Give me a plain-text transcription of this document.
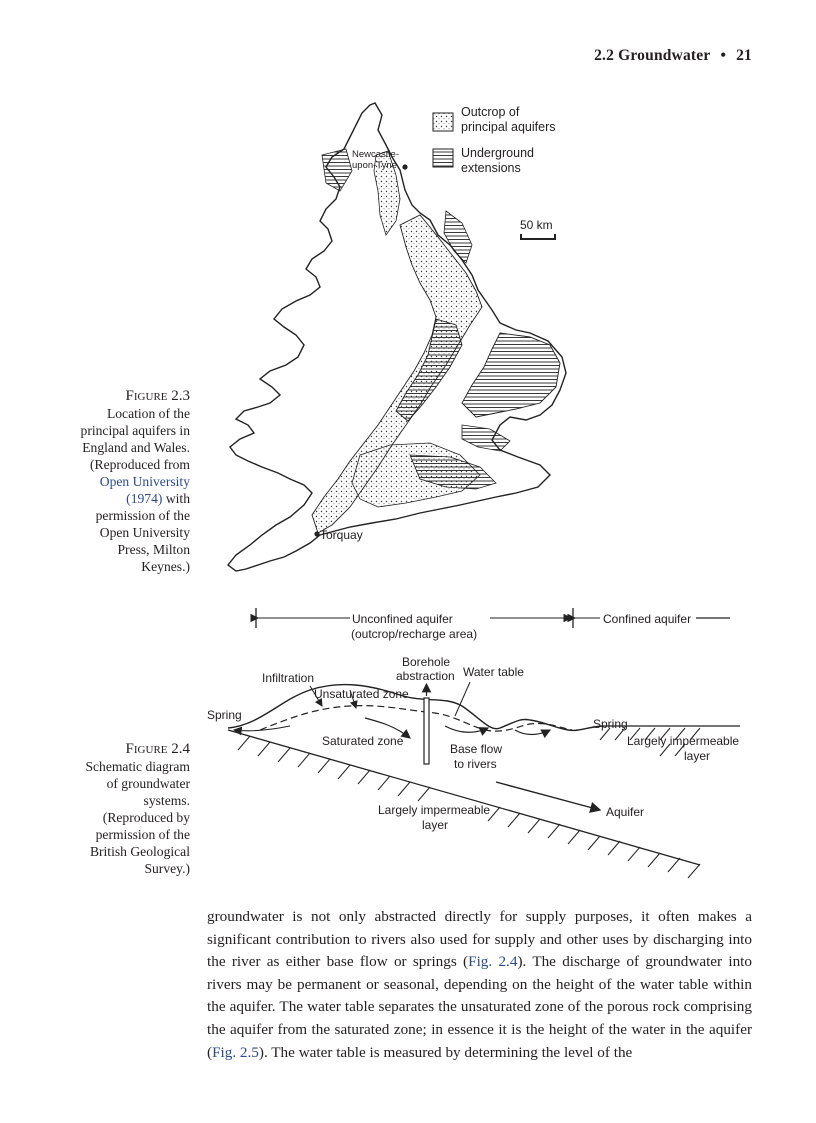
2.2 Groundwater • 21
Figure 2.3
Location of the
principal aquifers in
England and Wales.
(Reproduced from
Open University
(1974) with
permission of the
Open University
Press, Milton
Keynes.)
Outcrop of
principal aquifers
Underground
extensions
50 km
Newcastle-
upon-Tyne
Torquay
Figure 2.4
Schematic diagram
of groundwater
systems.
(Reproduced by
permission of the
British Geological
Survey.)
Unconfined aquifer
(outcrop/recharge area)
Confined aquifer
Borehole
abstraction Water table
Infiltration
Unsaturated zone
Spring
Spring
Saturated zone
Base flow
to rivers
Largely impermeable
layer
Aquifer
Largely impermeable
layer
groundwater is not only abstracted directly for supply purposes, it often makes a significant contribution to rivers also used for supply and other uses by discharging into the river as either base flow or springs (Fig. 2.4). The discharge of groundwater into rivers may be permanent or seasonal, depending on the height of the water table within the aquifer. The water table separates the unsaturated zone of the porous rock comprising the aquifer from the saturated zone; in essence it is the height of the water in the aquifer (Fig. 2.5). The water table is measured by determining the level of the
